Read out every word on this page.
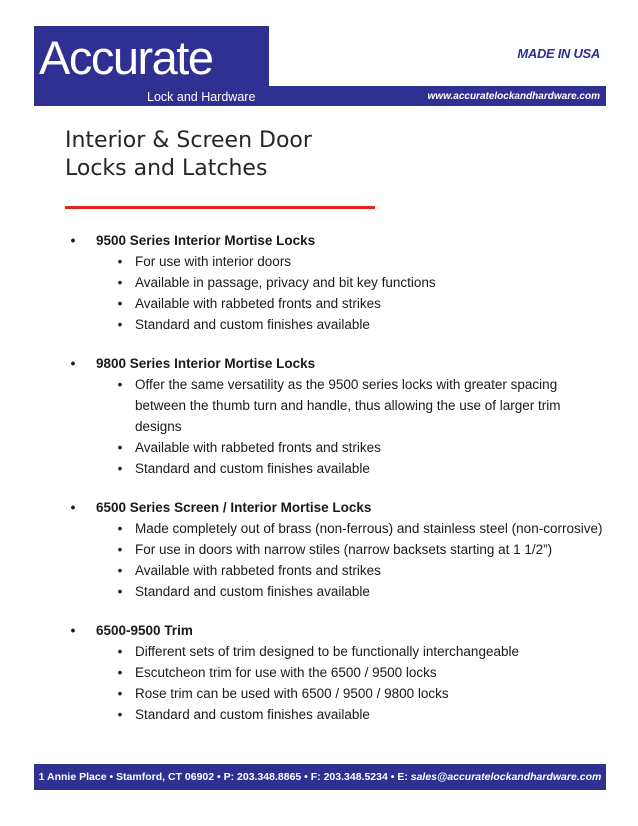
Accurate
Lock and Hardware
MADE IN USA
www.accuratelockandhardware.com
Interior & Screen Door
Locks and Latches
•	9500 Series Interior Mortise Locks
• For use with interior doors
• Available in passage, privacy and bit key functions
• Available with rabbeted fronts and strikes
• Standard and custom finishes available
•	9800 Series Interior Mortise Locks
• Offer the same versatility as the 9500 series locks with greater spacing between the thumb turn and handle, thus allowing the use of larger trim designs
• Available with rabbeted fronts and strikes
• Standard and custom finishes available
•	6500 Series Screen / Interior Mortise Locks
• Made completely out of brass (non-ferrous) and stainless steel (non-corrosive)
• For use in doors with narrow stiles (narrow backsets starting at 1 1/2”)
• Available with rabbeted fronts and strikes
• Standard and custom finishes available
•	6500-9500 Trim
• Different sets of trim designed to be functionally interchangeable
• Escutcheon trim for use with the 6500 / 9500 locks
• Rose trim can be used with 6500 / 9500 / 9800 locks
• Standard and custom finishes available
1 Annie Place • Stamford, CT 06902 • P: 203.348.8865 • F: 203.348.5234 • E: sales@accuratelockandhardware.com
